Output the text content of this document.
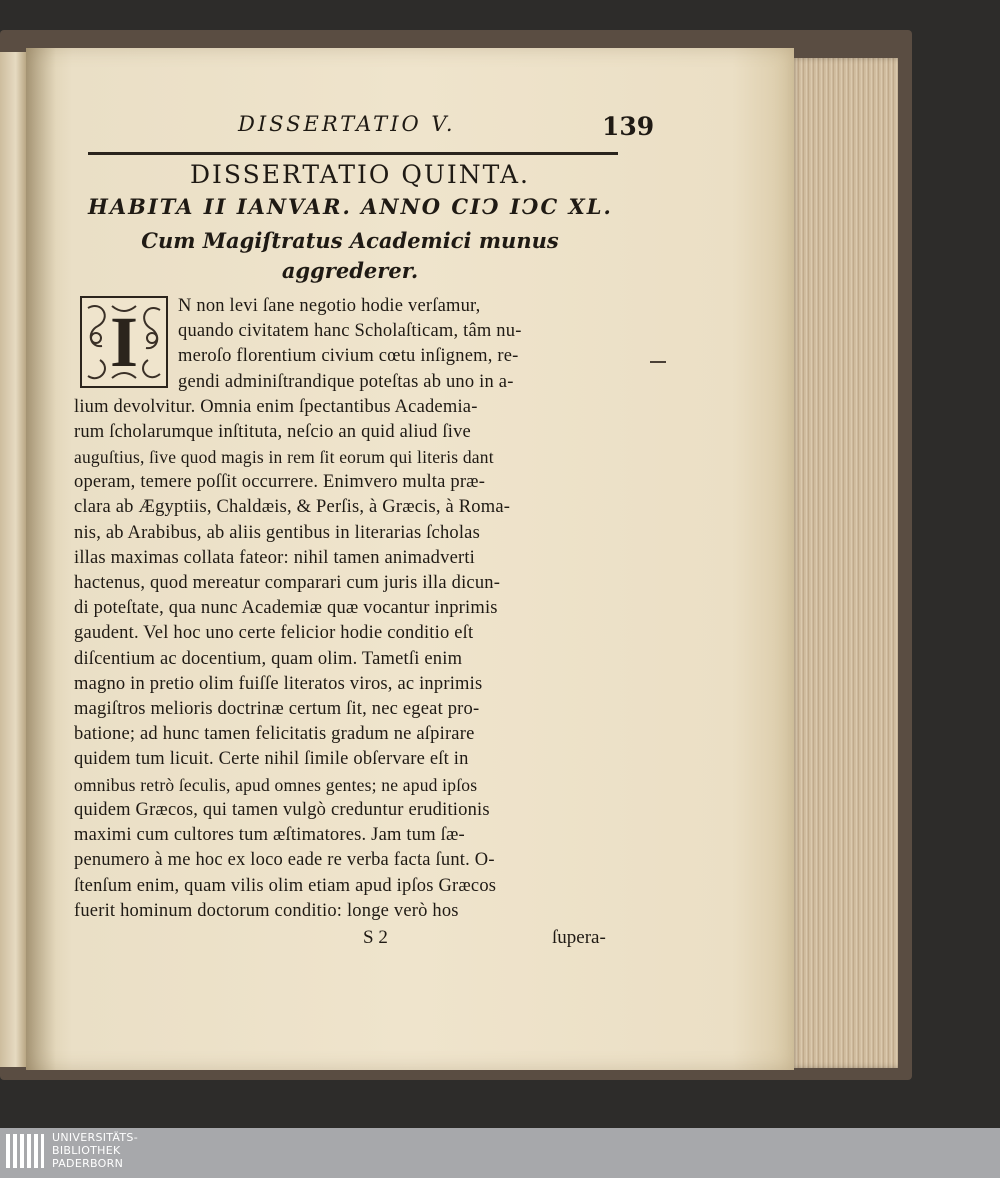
DISSERTATIO V.	139
DISSERTATIO QUINTA.
HABITA II IANVAR. ANNO CIↃ IↃC XL.
Cum Magiſtratus Academici munus
aggrederer.
I N non levi ſane negotio hodie verſamur,
quando civitatem hanc Scholaſticam, tâm nu-
meroſo florentium civium cœtu inſignem, re-
gendi adminiſtrandique poteſtas ab uno in a-
lium devolvitur. Omnia enim ſpectantibus Academia-
rum ſcholarumque inſtituta, neſcio an quid aliud ſive
auguſtius, ſive quod magis in rem ſit eorum qui literis dant
operam, temere poſſit occurrere. Enimvero multa præ-
clara ab Ægyptiis, Chaldæis, & Perſis, à Græcis, à Roma-
nis, ab Arabibus, ab aliis gentibus in literarias ſcholas
illas maximas collata fateor: nihil tamen animadverti
hactenus, quod mereatur comparari cum juris illa dicun-
di poteſtate, qua nunc Academiæ quæ vocantur inprimis
gaudent. Vel hoc uno certe felicior hodie conditio eſt
diſcentium ac docentium, quam olim. Tametſi enim
magno in pretio olim fuiſſe literatos viros, ac inprimis
magiſtros melioris doctrinæ certum ſit, nec egeat pro-
batione; ad hunc tamen felicitatis gradum ne aſpirare
quidem tum licuit. Certe nihil ſimile obſervare eſt in
omnibus retrò ſeculis, apud omnes gentes; ne apud ipſos
quidem Græcos, qui tamen vulgò creduntur eruditionis
maximi cum cultores tum æſtimatores. Jam tum ſæ-
penumero à me hoc ex loco eade re verba facta ſunt. O-
ſtenſum enim, quam vilis olim etiam apud ipſos Græcos
fuerit hominum doctorum conditio: longe verò hos
S 2	ſupera-
UNIVERSITÄTS-
BIBLIOTHEK
PADERBORN
